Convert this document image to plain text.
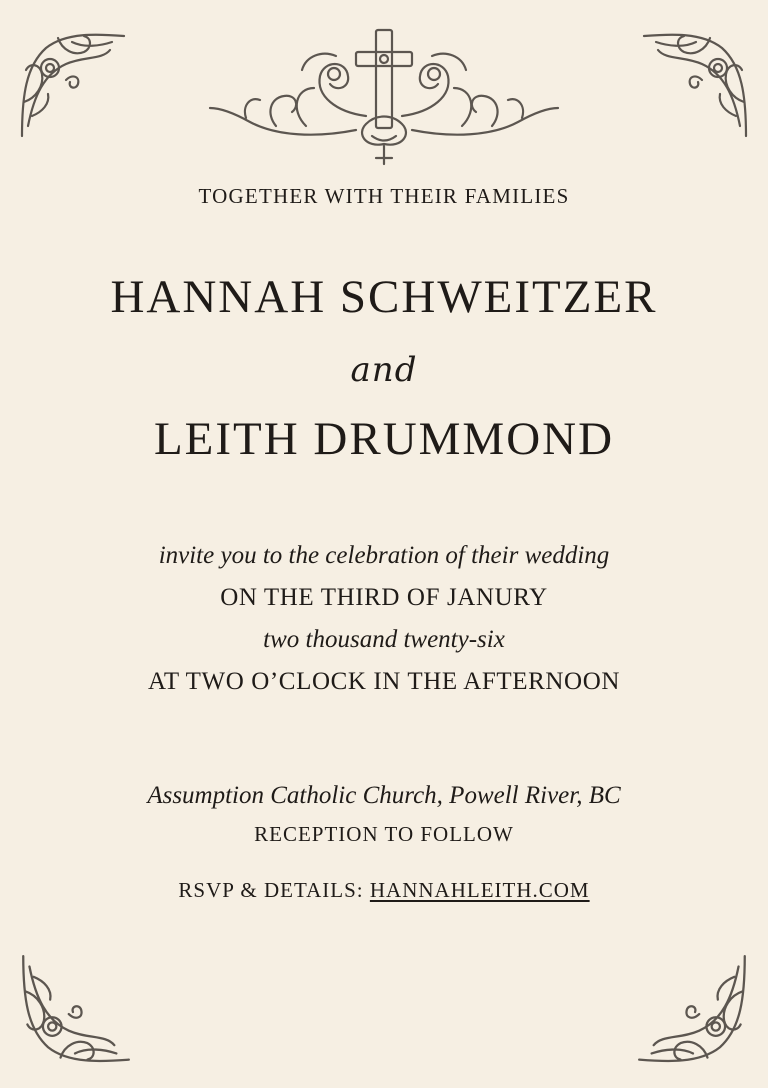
TOGETHER WITH THEIR FAMILIES
HANNAH SCHWEITZER
and
LEITH DRUMMOND
invite you to the celebration of their wedding
ON THE THIRD OF JANURY
two thousand twenty-six
AT TWO O’CLOCK IN THE AFTERNOON
Assumption Catholic Church, Powell River, BC
RECEPTION TO FOLLOW
RSVP & DETAILS: HANNAHLEITH.COM
